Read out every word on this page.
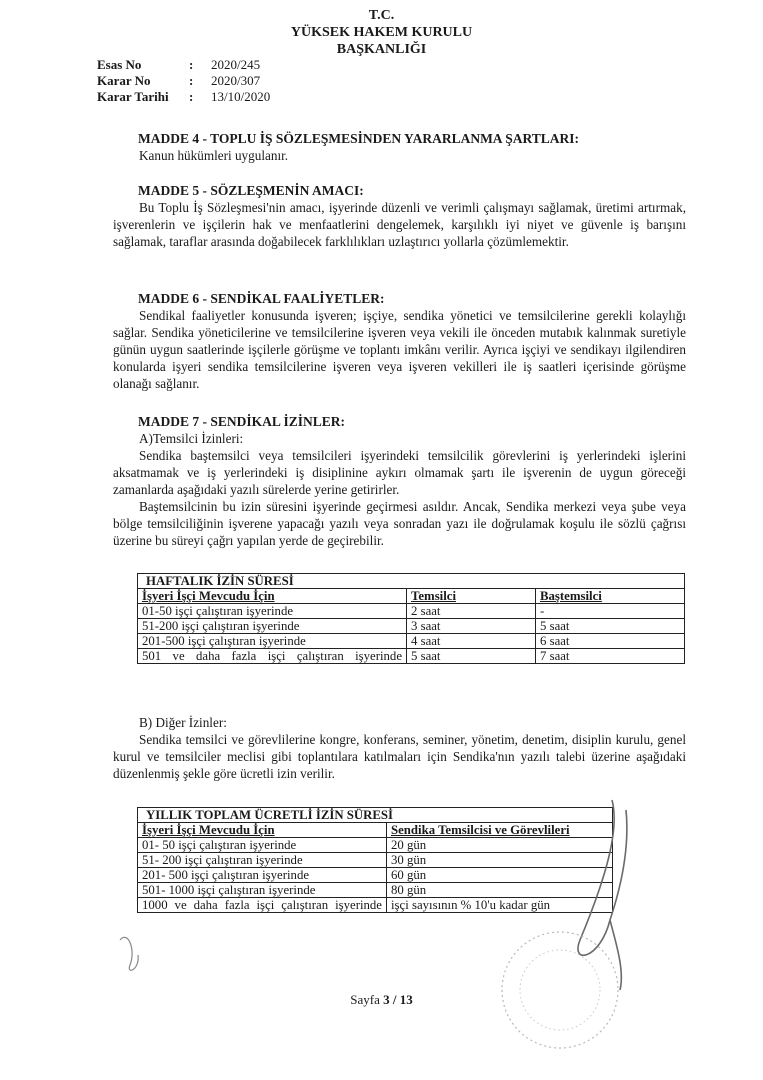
T.C.
YÜKSEK HAKEM KURULU
BAŞKANLIĞI
Esas No	:	2020/245
Karar No	:	2020/307
Karar Tarihi	:	13/10/2020
MADDE 4 - TOPLU İŞ SÖZLEŞMESİNDEN YARARLANMA ŞARTLARI:

Kanun hükümleri uygulanır.

MADDE 5 - SÖZLEŞMENİN AMACI:

Bu Toplu İş Sözleşmesi'nin amacı, işyerinde düzenli ve verimli çalışmayı sağlamak, üretimi artırmak, işverenlerin ve işçilerin hak ve menfaatlerini dengelemek, karşılıklı iyi niyet ve güvenle iş barışını sağlamak, taraflar arasında doğabilecek farklılıkları uzlaştırıcı yollarla çözümlemektir.

MADDE 6 - SENDİKAL FAALİYETLER:

Sendikal faaliyetler konusunda işveren; işçiye, sendika yönetici ve temsilcilerine gerekli kolaylığı sağlar. Sendika yöneticilerine ve temsilcilerine işveren veya vekili ile önceden mutabık kalınmak suretiyle günün uygun saatlerinde işçilerle görüşme ve toplantı imkânı verilir. Ayrıca işçiyi ve sendikayı ilgilendiren konularda işyeri sendika temsilcilerine işveren veya işveren vekilleri ile iş saatleri içerisinde görüşme olanağı sağlanır.

MADDE 7 - SENDİKAL İZİNLER:

A)Temsilci İzinleri:

Sendika baştemsilci veya temsilcileri işyerindeki temsilcilik görevlerini iş yerlerindeki işlerini aksatmamak ve iş yerlerindeki iş disiplinine aykırı olmamak şartı ile işverenin de uygun göreceği zamanlarda aşağıdaki yazılı sürelerde yerine getirirler.

Baştemsilcinin bu izin süresini işyerinde geçirmesi asıldır. Ancak, Sendika merkezi veya şube veya bölge temsilciliğinin işverene yapacağı yazılı veya sonradan yazı ile doğrulamak koşulu ile sözlü çağrısı üzerine bu süreyi çağrı yapılan yerde de geçirebilir.

HAFTALIK İZİN SÜRESİ		
İşyeri İşçi Mevcudu İçin	Temsilci	Baştemsilci
01-50 işçi çalıştıran işyerinde	2 saat	-
51-200 işçi çalıştıran işyerinde	3 saat	5 saat
201-500 işçi çalıştıran işyerinde	4 saat	6 saat
501 ve daha fazla işçi çalıştıran işyerinde	5 saat	7 saat

B) Diğer İzinler:

Sendika temsilci ve görevlilerine kongre, konferans, seminer, yönetim, denetim, disiplin kurulu, genel kurul ve temsilciler meclisi gibi toplantılara katılmaları için Sendika'nın yazılı talebi üzerine aşağıdaki düzenlenmiş şekle göre ücretli izin verilir.

YILLIK TOPLAM ÜCRETLİ İZİN SÜRESİ	
İşyeri İşçi Mevcudu İçin	Sendika Temsilcisi ve Görevlileri
01- 50 işçi çalıştıran işyerinde	20 gün
51- 200 işçi çalıştıran işyerinde	30 gün
201- 500 işçi çalıştıran işyerinde	60 gün
501- 1000 işçi çalıştıran işyerinde	80 gün
1000 ve daha fazla işçi çalıştıran işyerinde	işçi sayısının % 10'u kadar gün
Sayfa 3 / 13
